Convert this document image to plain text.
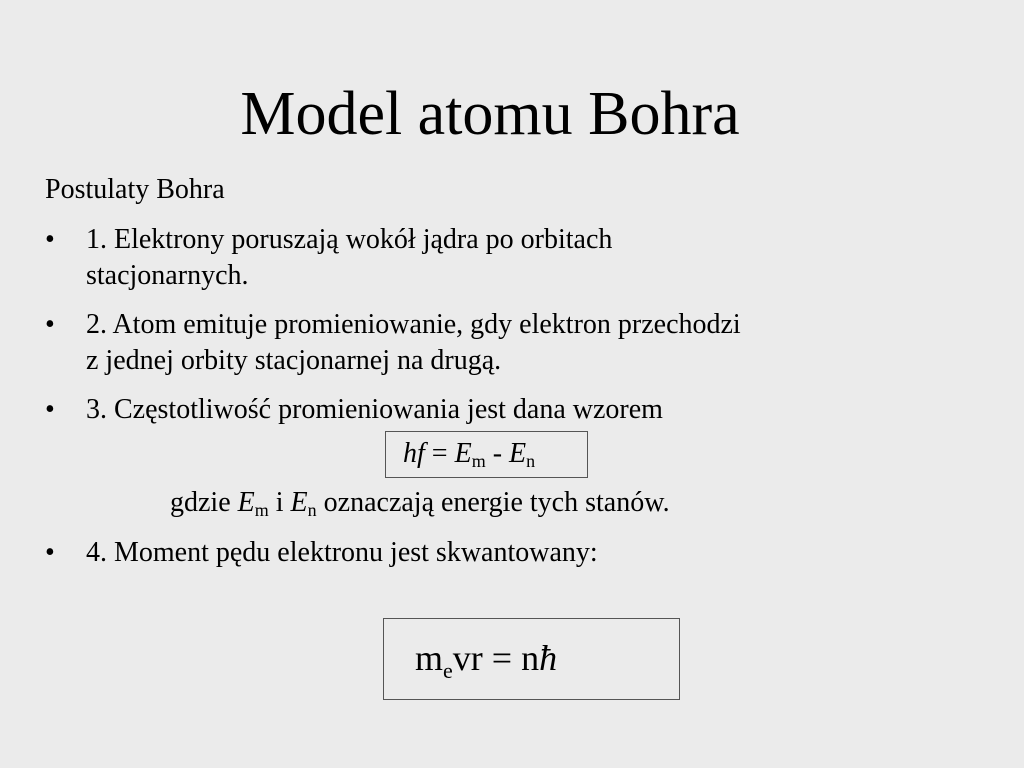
Model atomu Bohra
Postulaty Bohra
•	1. Elektrony poruszają wokół jądra po orbitach
stacjonarnych.
•	2. Atom emituje promieniowanie, gdy elektron przechodzi
z jednej orbity stacjonarnej na drugą.
•	3. Częstotliwość promieniowania jest dana wzorem
hf = $E_m - E_n$
gdzie $E_m$ i $E_n$ oznaczają energie tych stanów.
•	4. Moment pędu elektronu jest skwantowany:
$m_evr$ = nħ
